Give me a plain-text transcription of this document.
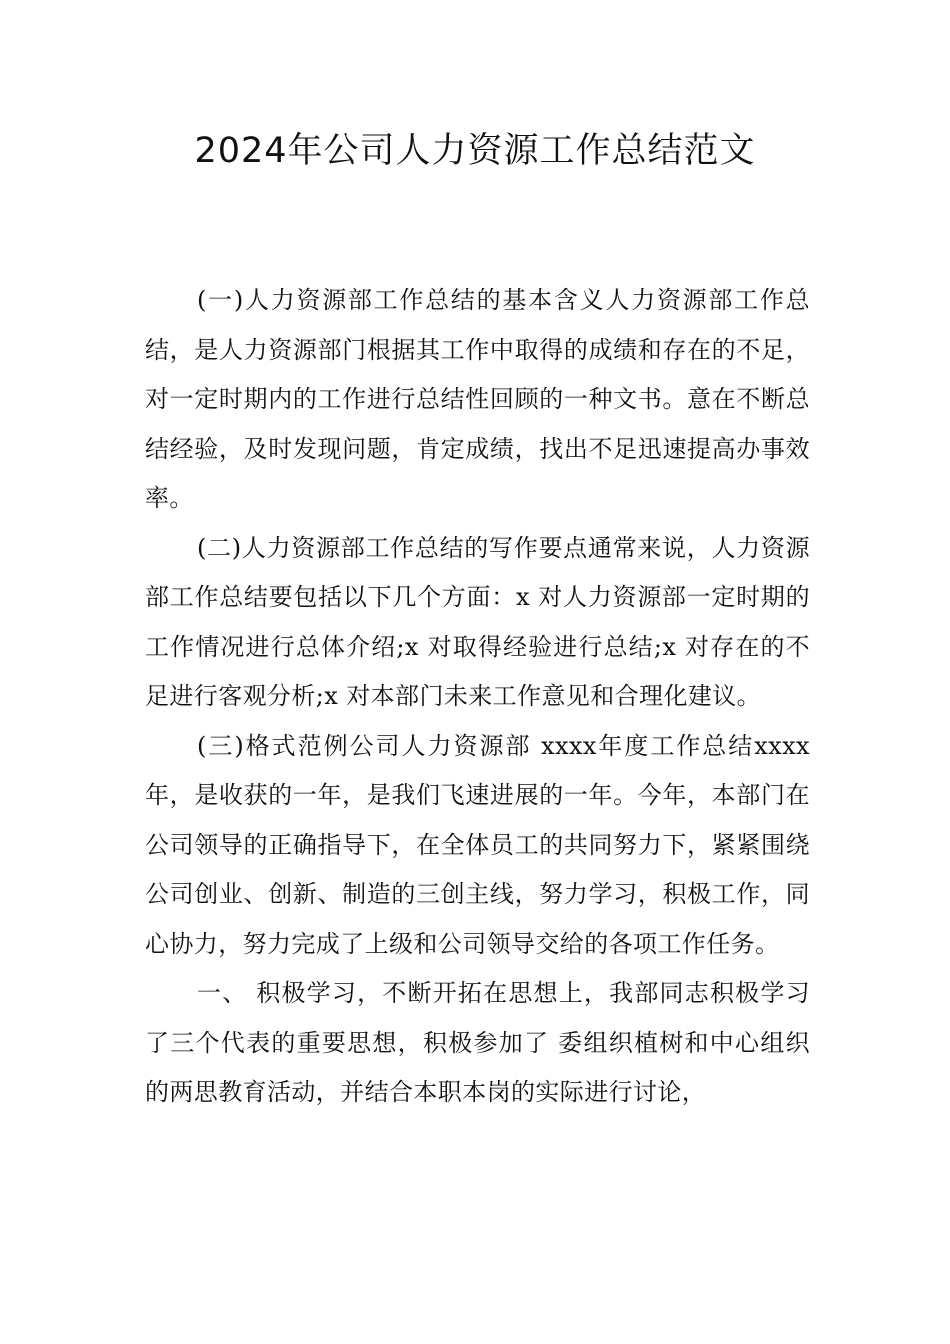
2024年公司人力资源工作总结范文

(一)人力资源部工作总结的基本含义人力资源部工作总结，是人力资源部门根据其工作中取得的成绩和存在的不足，对一定时期内的工作进行总结性回顾的一种文书。意在不断总结经验，及时发现问题，肯定成绩，找出不足迅速提高办事效率。

(二)人力资源部工作总结的写作要点通常来说，人力资源部工作总结要包括以下几个方面：x 对人力资源部一定时期的工作情况进行总体介绍;x 对取得经验进行总结;x 对存在的不足进行客观分析;x 对本部门未来工作意见和合理化建议。

(三)格式范例公司人力资源部 xxxx年度工作总结xxxx年，是收获的一年，是我们飞速进展的一年。今年，本部门在公司领导的正确指导下，在全体员工的共同努力下，紧紧围绕公司创业、创新、制造的三创主线，努力学习，积极工作，同心协力，努力完成了上级和公司领导交给的各项工作任务。

一、 积极学习，不断开拓在思想上，我部同志积极学习了三个代表的重要思想，积极参加了 委组织植树和中心组织的两思教育活动，并结合本职本岗的实际进行讨论，
